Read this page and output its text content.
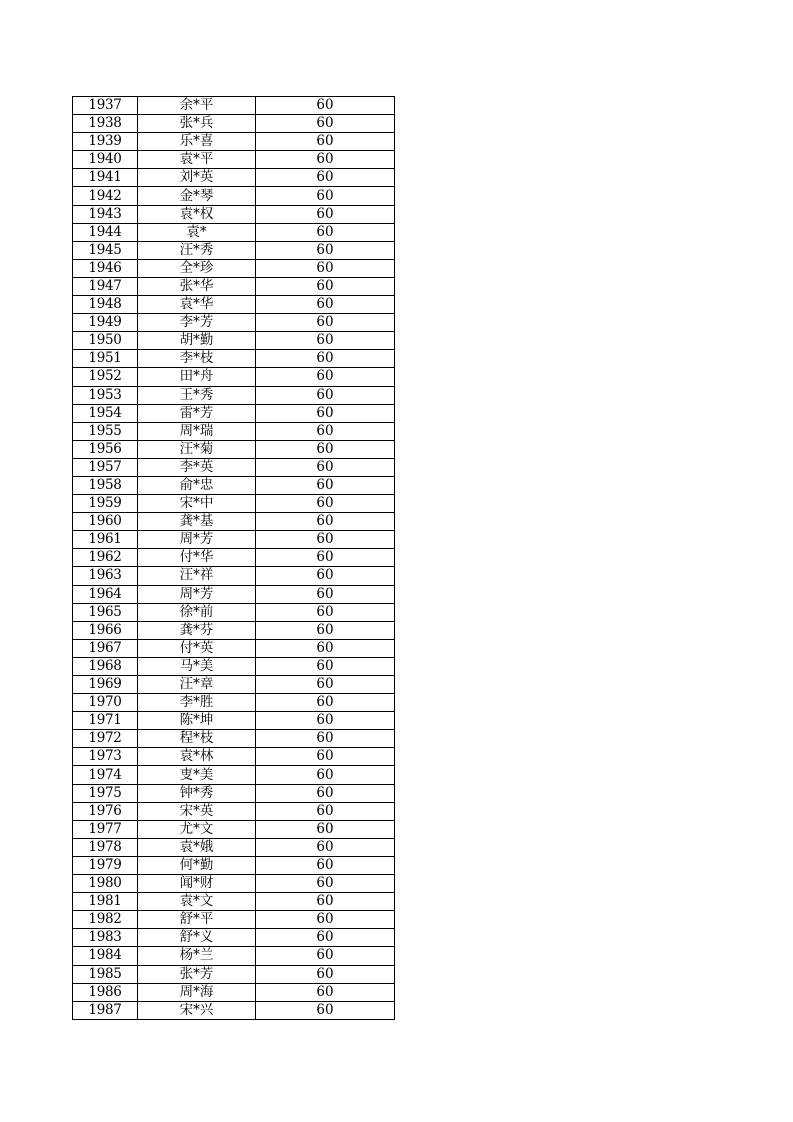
1937	余*平	60
1938	张*兵	60
1939	乐*喜	60
1940	袁*平	60
1941	刘*英	60
1942	金*琴	60
1943	袁*权	60
1944	袁*	60
1945	汪*秀	60
1946	全*珍	60
1947	张*华	60
1948	袁*华	60
1949	李*芳	60
1950	胡*勤	60
1951	李*枝	60
1952	田*舟	60
1953	王*秀	60
1954	雷*芳	60
1955	周*瑞	60
1956	汪*菊	60
1957	李*英	60
1958	俞*忠	60
1959	宋*中	60
1960	龚*基	60
1961	周*芳	60
1962	付*华	60
1963	汪*祥	60
1964	周*芳	60
1965	徐*前	60
1966	龚*芬	60
1967	付*英	60
1968	马*美	60
1969	汪*章	60
1970	李*胜	60
1971	陈*坤	60
1972	程*枝	60
1973	袁*林	60
1974	叓*美	60
1975	钟*秀	60
1976	宋*英	60
1977	尤*文	60
1978	袁*娥	60
1979	何*勤	60
1980	闻*财	60
1981	袁*文	60
1982	舒*平	60
1983	舒*义	60
1984	杨*兰	60
1985	张*芳	60
1986	周*海	60
1987	宋*兴	60
